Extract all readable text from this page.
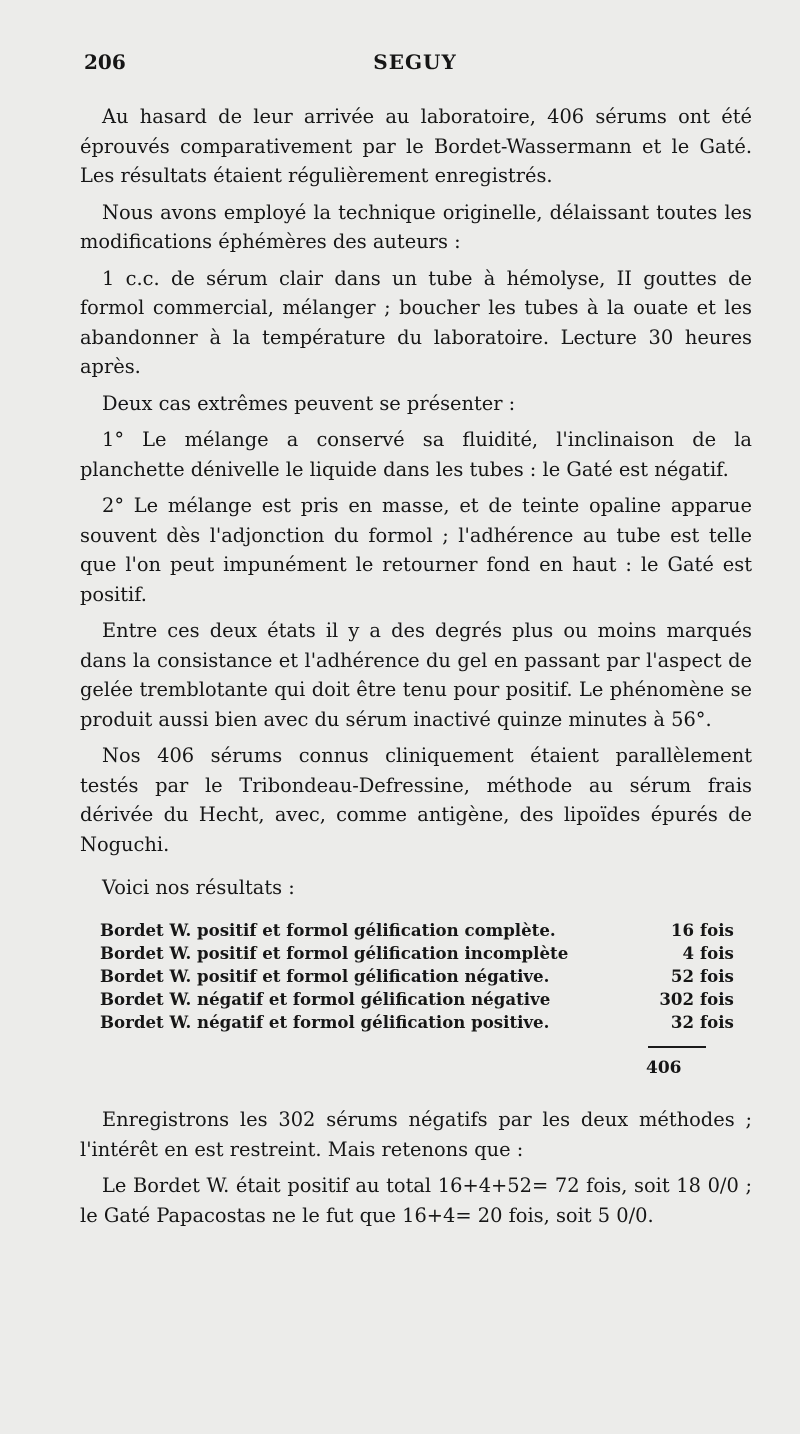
206	SEGUY

Au hasard de leur arrivée au laboratoire, 406 sérums ont été éprouvés comparativement par le Bordet-Wassermann et le Gaté. Les résultats étaient régulièrement enregistrés.

Nous avons employé la technique originelle, délaissant toutes les modifications éphémères des auteurs :

1 c.c. de sérum clair dans un tube à hémolyse, II gouttes de formol commercial, mélanger ; boucher les tubes à la ouate et les abandonner à la température du laboratoire. Lecture 30 heures après.

Deux cas extrêmes peuvent se présenter :

1° Le mélange a conservé sa fluidité, l'inclinaison de la planchette dénivelle le liquide dans les tubes : le Gaté est négatif.

2° Le mélange est pris en masse, et de teinte opaline apparue souvent dès l'adjonction du formol ; l'adhérence au tube est telle que l'on peut impunément le retourner fond en haut : le Gaté est positif.

Entre ces deux états il y a des degrés plus ou moins marqués dans la consistance et l'adhérence du gel en passant par l'aspect de gelée tremblotante qui doit être tenu pour positif. Le phénomène se produit aussi bien avec du sérum inactivé quinze minutes à 56°.

Nos 406 sérums connus cliniquement étaient parallèlement testés par le Tribondeau-Defressine, méthode au sérum frais dérivée du Hecht, avec, comme antigène, des lipoïdes épurés de Noguchi.

Voici nos résultats :

Bordet W. positif et formol gélification complète.	16	fois
Bordet W. positif et formol gélification incomplète	4	fois
Bordet W. positif et formol gélification négative.	52	fois
Bordet W. négatif et formol gélification négative	302	fois
Bordet W. négatif et formol gélification positive.	32	fois
406

Enregistrons les 302 sérums négatifs par les deux méthodes ; l'intérêt en est restreint. Mais retenons que :

Le Bordet W. était positif au total 16+4+52= 72 fois, soit 18 0/0 ; le Gaté Papacostas ne le fut que 16+4= 20 fois, soit 5 0/0.
